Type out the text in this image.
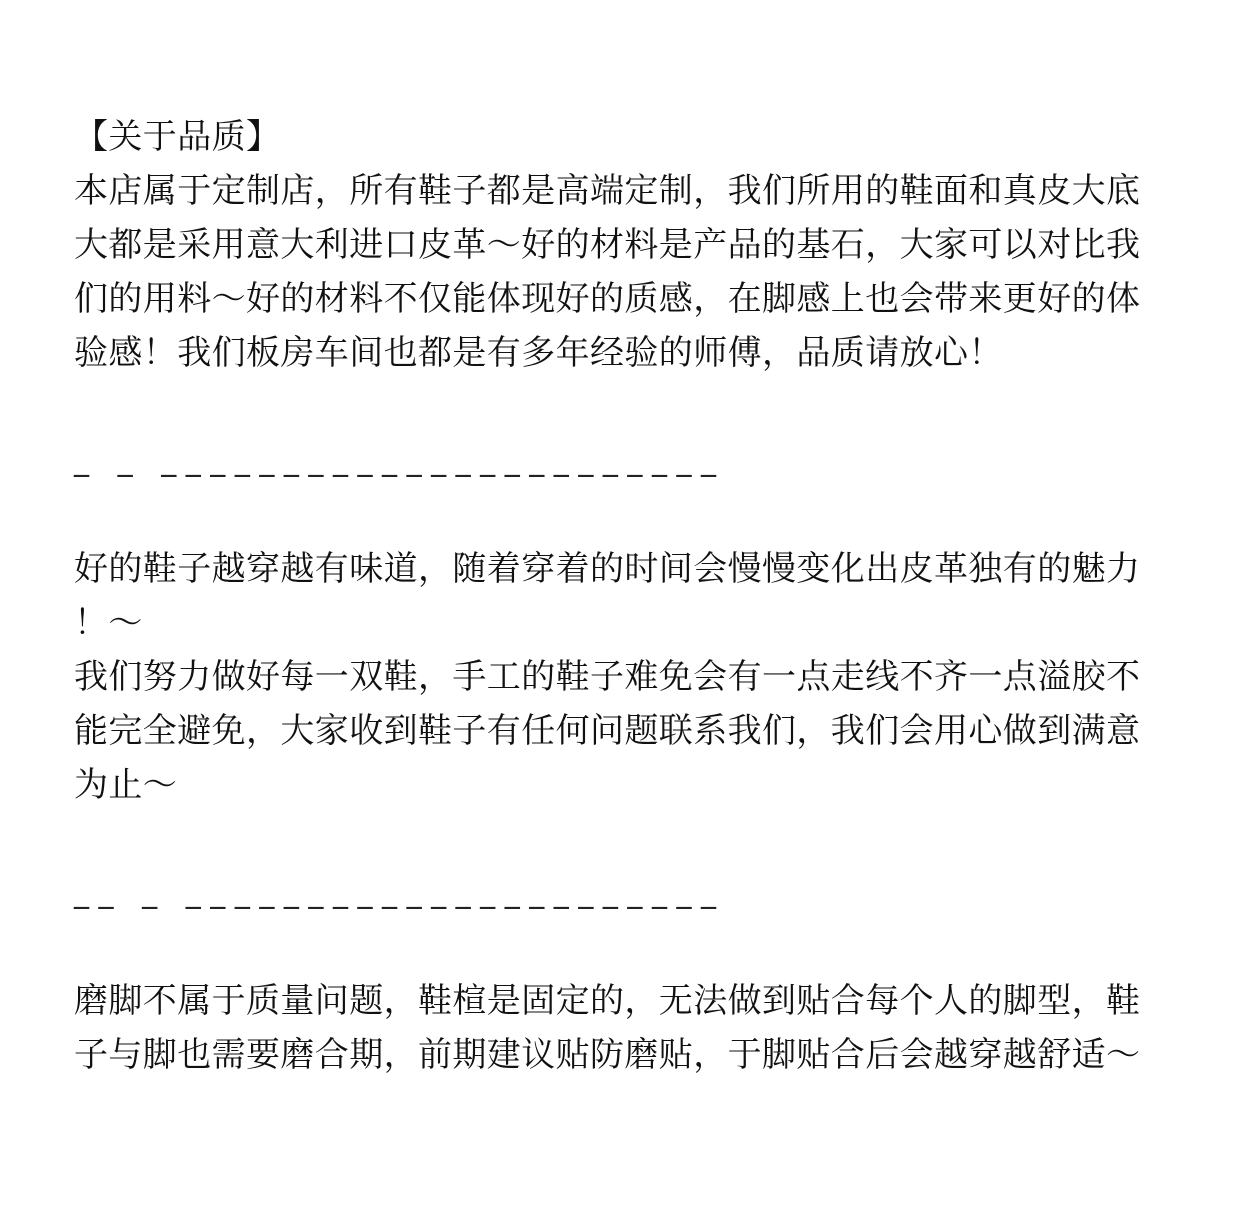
【关于品质】
本店属于定制店，所有鞋子都是高端定制，我们所用的鞋面和真皮大底
大都是采用意大利进口皮革～好的材料是产品的基石，大家可以对比我
们的用料～好的材料不仅能体现好的质感，在脚感上也会带来更好的体
验感！我们板房车间也都是有多年经验的师傅，品质请放心！
_   _   _ _ _ _ _ _ _ _ _ _ _ _ _ _ _ _ _ _ _ _ _ _ _
好的鞋子越穿越有味道，随着穿着的时间会慢慢变化出皮革独有的魅力
！～
我们努力做好每一双鞋，手工的鞋子难免会有一点走线不齐一点溢胶不
能完全避免，大家收到鞋子有任何问题联系我们，我们会用心做到满意
为止～
_ _   _   _ _ _ _ _ _ _ _ _ _ _ _ _ _ _ _ _ _ _ _ _ _
磨脚不属于质量问题，鞋楦是固定的，无法做到贴合每个人的脚型，鞋
子与脚也需要磨合期，前期建议贴防磨贴，于脚贴合后会越穿越舒适～
